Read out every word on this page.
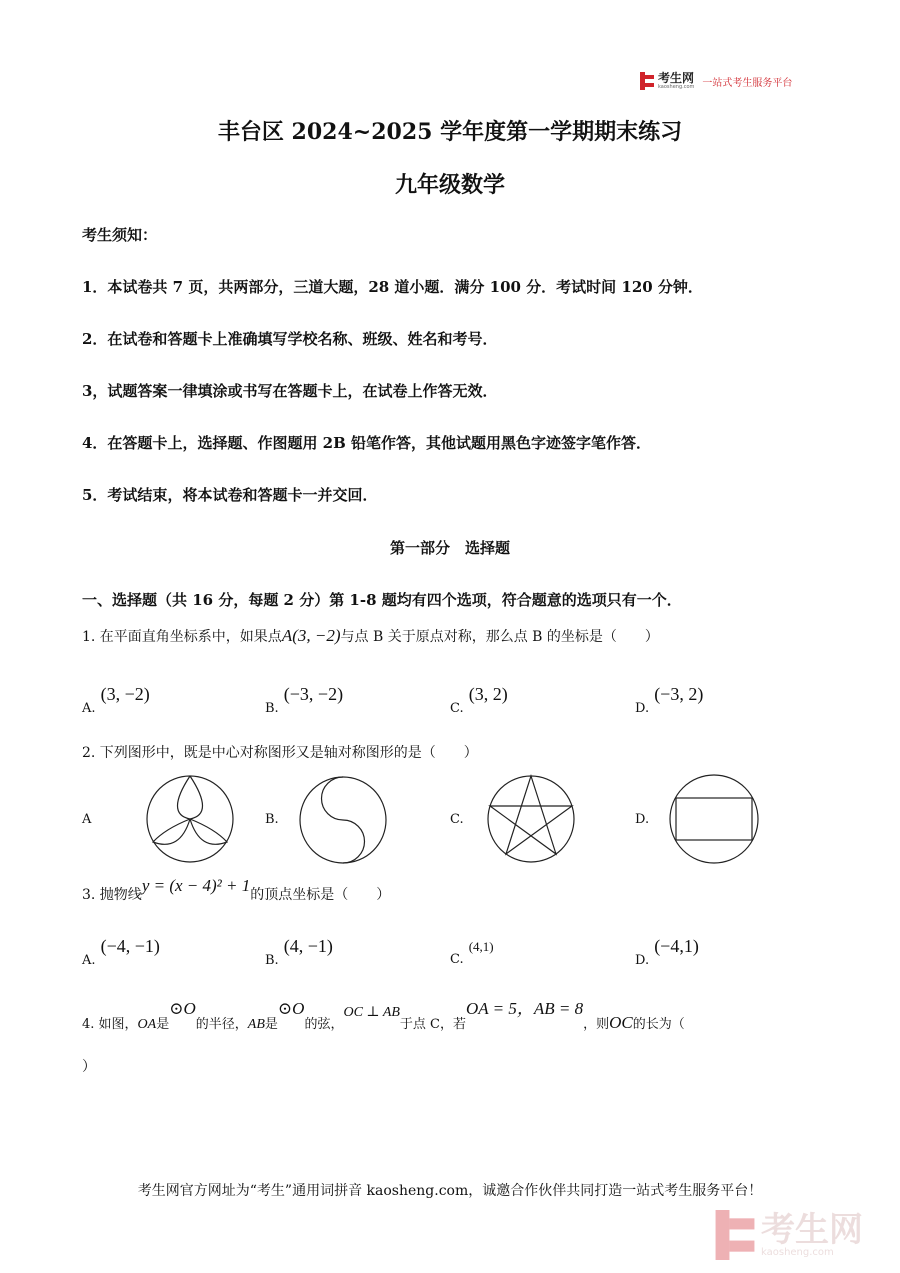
考生网
kaosheng.com 一站式考生服务平台
丰台区 2024~2025 学年度第一学期期末练习
九年级数学
考生须知：
1．本试卷共 7 页，共两部分，三道大题，28 道小题．满分 100 分．考试时间 120 分钟．
2．在试卷和答题卡上准确填写学校名称、班级、姓名和考号．
3，试题答案一律填涂或书写在答题卡上，在试卷上作答无效．
4．在答题卡上，选择题、作图题用 2B 铅笔作答，其他试题用黑色字迹签字笔作答．
5．考试结束，将本试卷和答题卡一并交回．
第一部分　选择题
一、选择题（共 16 分，每题 2 分）第 1-8 题均有四个选项，符合题意的选项只有一个．
1. 在平面直角坐标系中，如果点A(3, −2)与点 B 关于原点对称，那么点 B 的坐标是（　　）
$_{A.}$ (3, −2)
$_{B.}$ (−3, −2)
$_{C.}$ (3, 2)
$_{D.}$ (−3, 2)
2. 下列图形中，既是中心对称图形又是轴对称图形的是（　　）
A	B.	C.	D.
3. 抛物线y = (x − 4)² + 1的顶点坐标是（　　）
$_{A.}$ (−4, −1)
$_{B.}$ (4, −1)
$_{C.}$ (4,1)
$_{D.}$ (−4,1)
4. 如图，OA是⊙O的半径，AB是⊙O的弦，OC ⊥ AB于点 C，若OA = 5，AB = 8，则OC的长为（
）
考生网官方网址为“考生”通用词拼音 kaosheng.com，诚邀合作伙伴共同打造一站式考生服务平台！
考生网
kaosheng.com
